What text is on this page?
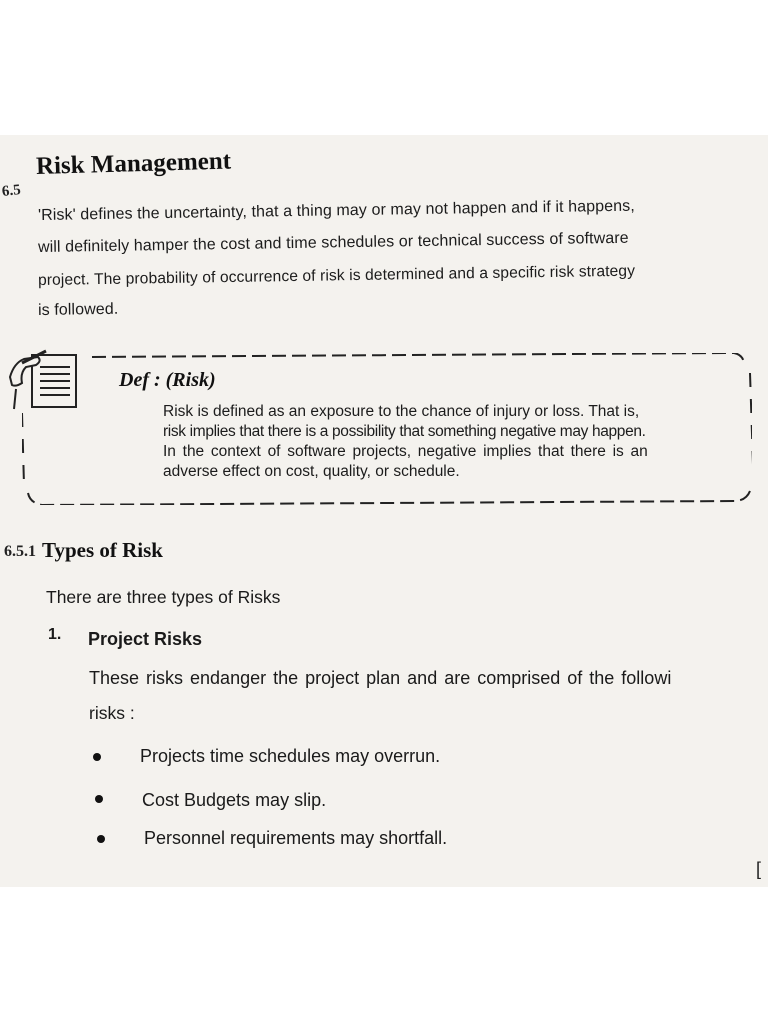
6.5
Risk Management
'Risk' defines the uncertainty, that a thing may or may not happen and if it happens,
will definitely hamper the cost and time schedules or technical success of software
project. The probability of occurrence of risk is determined and a specific risk strategy
is followed.
Def : (Risk)
Risk is defined as an exposure to the chance of injury or loss. That is,
risk implies that there is a possibility that something negative may happen.
In the context of software projects, negative implies that there is an
adverse effect on cost, quality, or schedule.
6.5.1 Types of Risk
There are three types of Risks
1. Project Risks
These risks endanger the project plan and are comprised of the followi
risks :
Projects time schedules may overrun.
Cost Budgets may slip.
Personnel requirements may shortfall.
[
